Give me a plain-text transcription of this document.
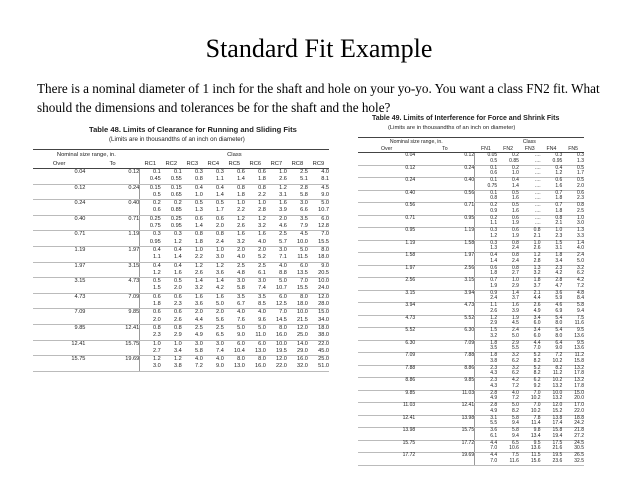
Standard Fit Example
There is a nominal diameter of 1 inch for the shaft and hole on your yo-yo. You want a class FN2 fit. What should the dimensions and tolerances be for the shaft and the hole?
Table 48. Limits of Clearance for Running and Sliding Fits
(Limits are in thousandths of an inch on diameter)
Nominal size range, in.		Class								
Over	To	RC1	RC2	RC3	RC4	RC5	RC6	RC7	RC8	RC9
0.04	0.12	0.1	0.1	0.3	0.3	0.6	0.6	1.0	2.5	4.0
		0.45	0.55	0.8	1.1	1.4	1.8	2.6	5.1	8.1
0.12	0.24	0.15	0.15	0.4	0.4	0.8	0.8	1.2	2.8	4.5
		0.5	0.65	1.0	1.4	1.8	2.2	3.1	5.8	9.0
0.24	0.40	0.2	0.2	0.5	0.5	1.0	1.0	1.6	3.0	5.0
		0.6	0.85	1.3	1.7	2.2	2.8	3.9	6.6	10.7
0.40	0.71	0.25	0.25	0.6	0.6	1.2	1.2	2.0	3.5	6.0
		0.75	0.95	1.4	2.0	2.6	3.2	4.6	7.9	12.8
0.71	1.19	0.3	0.3	0.8	0.8	1.6	1.6	2.5	4.5	7.0
		0.95	1.2	1.8	2.4	3.2	4.0	5.7	10.0	15.5
1.19	1.97	0.4	0.4	1.0	1.0	2.0	2.0	3.0	5.0	8.0
		1.1	1.4	2.2	3.0	4.0	5.2	7.1	11.5	18.0
1.97	3.15	0.4	0.4	1.2	1.2	2.5	2.5	4.0	6.0	9.0
		1.2	1.6	2.6	3.6	4.8	6.1	8.8	13.5	20.5
3.15	4.73	0.5	0.5	1.4	1.4	3.0	3.0	5.0	7.0	10.0
		1.5	2.0	3.2	4.2	5.8	7.4	10.7	15.5	24.0
4.73	7.09	0.6	0.6	1.6	1.6	3.5	3.5	6.0	8.0	12.0
		1.8	2.3	3.6	5.0	6.7	8.5	12.5	18.0	28.0
7.09	9.85	0.6	0.6	2.0	2.0	4.0	4.0	7.0	10.0	15.0
		2.0	2.6	4.4	5.6	7.6	9.6	14.5	21.5	34.0
9.85	12.41	0.8	0.8	2.5	2.5	5.0	5.0	8.0	12.0	18.0
		2.3	2.9	4.9	6.5	9.0	11.0	16.0	25.0	38.0
12.41	15.75	1.0	1.0	3.0	3.0	6.0	6.0	10.0	14.0	22.0
		2.7	3.4	5.8	7.4	10.4	13.0	19.5	29.0	45.0
15.75	19.69	1.2	1.2	4.0	4.0	8.0	8.0	12.0	16.0	25.0
		3.0	3.8	7.2	9.0	13.0	16.0	22.0	32.0	51.0
Table 49. Limits of Interference for Force and Shrink Fits
(Limits are in thousandths of an inch on diameter)
Nominal size range, in.		Class				
Over	To	FN1	FN2	FN3	FN4	FN5
0.04	0.12	0.05	0.2	....	0.3	0.3
		0.5	0.85	....	0.95	1.3
0.12	0.24	0.1	0.2	....	0.4	0.5
		0.6	1.0	....	1.2	1.7
0.24	0.40	0.1	0.4	....	0.6	0.5
		0.75	1.4	....	1.6	2.0
0.40	0.56	0.1	0.5	....	0.7	0.6
		0.8	1.6	....	1.8	2.3
0.56	0.71	0.2	0.5	....	0.7	0.8
		0.9	1.6	....	1.8	2.5
0.71	0.95	0.2	0.6	....	0.8	1.0
		1.1	1.9	....	2.1	3.0
0.95	1.19	0.3	0.6	0.8	1.0	1.3
		1.2	1.9	2.1	2.3	3.3
1.19	1.58	0.3	0.8	1.0	1.5	1.4
		1.3	2.4	2.6	3.1	4.0
1.58	1.97	0.4	0.8	1.2	1.8	2.4
		1.4	2.4	2.8	3.4	5.0
1.97	2.56	0.6	0.8	1.3	2.3	3.2
		1.8	2.7	3.2	4.2	6.2
2.56	3.15	0.7	1.0	1.8	2.8	4.2
		1.9	2.9	3.7	4.7	7.2
3.15	3.94	0.9	1.4	2.1	3.6	4.8
		2.4	3.7	4.4	5.9	8.4
3.94	4.73	1.1	1.6	2.6	4.6	5.8
		2.6	3.9	4.9	6.9	9.4
4.73	5.52	1.2	1.9	3.4	5.4	7.5
		2.9	4.5	6.0	8.0	11.6
5.52	6.30	1.5	2.4	3.4	5.4	9.5
		3.2	5.0	6.0	8.0	13.6
6.30	7.09	1.8	2.9	4.4	6.4	9.5
		3.5	5.5	7.0	9.0	13.6
7.09	7.88	1.8	3.2	5.2	7.2	11.2
		3.8	6.2	8.2	10.2	15.8
7.88	8.86	2.3	3.2	5.2	8.2	13.2
		4.3	6.2	8.2	11.2	17.8
8.86	9.85	2.3	4.2	6.2	10.2	13.2
		4.3	7.2	9.2	13.2	17.8
9.85	11.03	2.8	4.0	7.0	10.0	15.0
		4.9	7.2	10.2	13.2	20.0
11.03	12.41	2.8	5.0	7.0	12.0	17.0
		4.9	8.2	10.2	15.2	22.0
12.41	13.98	3.1	5.8	7.8	13.8	18.8
		5.5	9.4	11.4	17.4	24.2
13.98	15.75	3.6	5.8	9.8	15.8	21.8
		6.1	9.4	13.4	19.4	27.2
15.75	17.72	4.4	6.5	9.5	17.5	24.5
		7.0	10.6	13.6	21.6	30.5
17.72	19.69	4.4	7.5	11.5	19.5	26.5
		7.0	11.6	15.6	23.6	32.5
